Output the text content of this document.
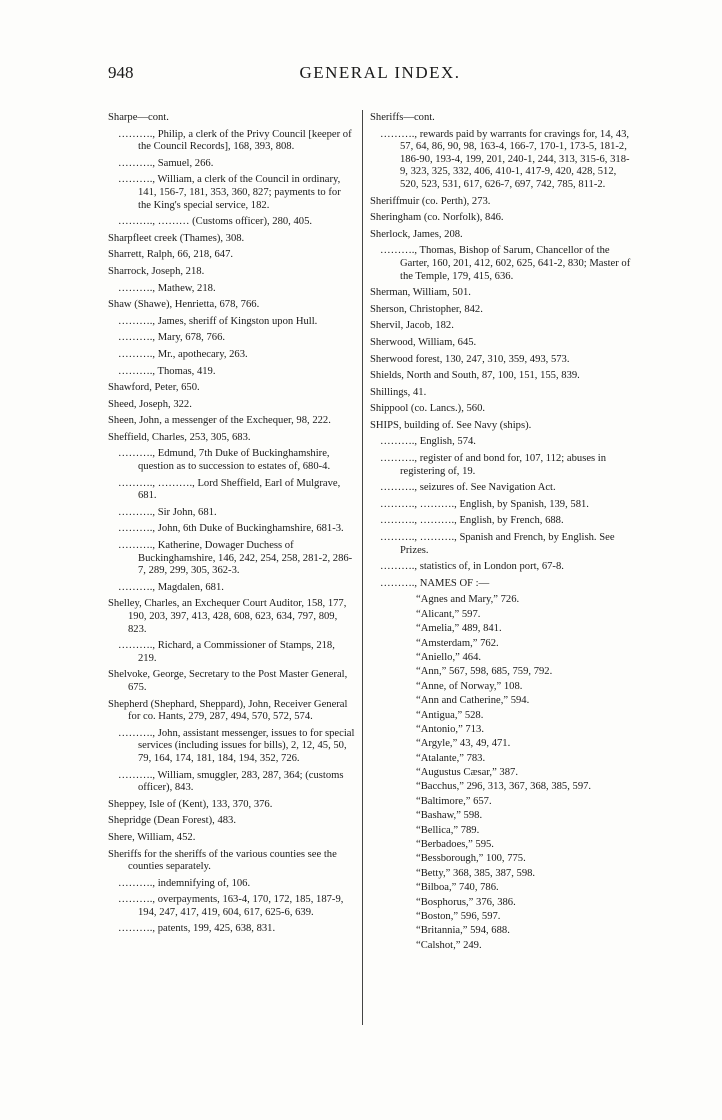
948	GENERAL INDEX.

Sharpe—cont.

………., Philip, a clerk of the Privy Council [keeper of the Council Records], 168, 393, 808.

………., Samuel, 266.

………., William, a clerk of the Council in ordinary, 141, 156-7, 181, 353, 360, 827; payments to for the King's special service, 182.

………., ……… (Customs officer), 280, 405.

Sharpfleet creek (Thames), 308.

Sharrett, Ralph, 66, 218, 647.

Sharrock, Joseph, 218.

………., Mathew, 218.

Shaw (Shawe), Henrietta, 678, 766.

………., James, sheriff of Kingston upon Hull.

………., Mary, 678, 766.

………., Mr., apothecary, 263.

………., Thomas, 419.

Shawford, Peter, 650.

Sheed, Joseph, 322.

Sheen, John, a messenger of the Exchequer, 98, 222.

Sheffield, Charles, 253, 305, 683.

………., Edmund, 7th Duke of Buckinghamshire, question as to succession to estates of, 680-4.

………., ………., Lord Sheffield, Earl of Mulgrave, 681.

………., Sir John, 681.

………., John, 6th Duke of Buckinghamshire, 681-3.

………., Katherine, Dowager Duchess of Buckinghamshire, 146, 242, 254, 258, 281-2, 286-7, 289, 299, 305, 362-3.

………., Magdalen, 681.

Shelley, Charles, an Exchequer Court Auditor, 158, 177, 190, 203, 397, 413, 428, 608, 623, 634, 797, 809, 823.

………., Richard, a Commissioner of Stamps, 218, 219.

Shelvoke, George, Secretary to the Post Master General, 675.

Shepherd (Shephard, Sheppard), John, Receiver General for co. Hants, 279, 287, 494, 570, 572, 574.

………., John, assistant messenger, issues to for special services (including issues for bills), 2, 12, 45, 50, 79, 164, 174, 181, 184, 194, 352, 726.

………., William, smuggler, 283, 287, 364; (customs officer), 843.

Sheppey, Isle of (Kent), 133, 370, 376.

Shepridge (Dean Forest), 483.

Shere, William, 452.

Sheriffs for the sheriffs of the various counties see the counties separately.

………., indemnifying of, 106.

………., overpayments, 163-4, 170, 172, 185, 187-9, 194, 247, 417, 419, 604, 617, 625-6, 639.

………., patents, 199, 425, 638, 831.

Sheriffs—cont.

………., rewards paid by warrants for cravings for, 14, 43, 57, 64, 86, 90, 98, 163-4, 166-7, 170-1, 173-5, 181-2, 186-90, 193-4, 199, 201, 240-1, 244, 313, 315-6, 318-9, 323, 325, 332, 406, 410-1, 417-9, 420, 428, 512, 520, 523, 531, 617, 626-7, 697, 742, 785, 811-2.

Sheriffmuir (co. Perth), 273.

Sheringham (co. Norfolk), 846.

Sherlock, James, 208.

………., Thomas, Bishop of Sarum, Chancellor of the Garter, 160, 201, 412, 602, 625, 641-2, 830; Master of the Temple, 179, 415, 636.

Sherman, William, 501.

Sherson, Christopher, 842.

Shervil, Jacob, 182.

Sherwood, William, 645.

Sherwood forest, 130, 247, 310, 359, 493, 573.

Shields, North and South, 87, 100, 151, 155, 839.

Shillings, 41.

Shippool (co. Lancs.), 560.

SHIPS, building of. See Navy (ships).

………., English, 574.

………., register of and bond for, 107, 112; abuses in registering of, 19.

………., seizures of. See Navigation Act.

………., ………., English, by Spanish, 139, 581.

………., ………., English, by French, 688.

………., ………., Spanish and French, by English. See Prizes.

………., statistics of, in London port, 67-8.

………., NAMES OF :—

“Agnes and Mary,” 726.

“Alicant,” 597.

“Amelia,” 489, 841.

“Amsterdam,” 762.

“Aniello,” 464.

“Ann,” 567, 598, 685, 759, 792.

“Anne, of Norway,” 108.

“Ann and Catherine,” 594.

“Antigua,” 528.

“Antonio,” 713.

“Argyle,” 43, 49, 471.

“Atalante,” 783.

“Augustus Cæsar,” 387.

“Bacchus,” 296, 313, 367, 368, 385, 597.

“Baltimore,” 657.

“Bashaw,” 598.

“Bellica,” 789.

“Berbadoes,” 595.

“Bessborough,” 100, 775.

“Betty,” 368, 385, 387, 598.

“Bilboa,” 740, 786.

“Bosphorus,” 376, 386.

“Boston,” 596, 597.

“Britannia,” 594, 688.

“Calshot,” 249.
